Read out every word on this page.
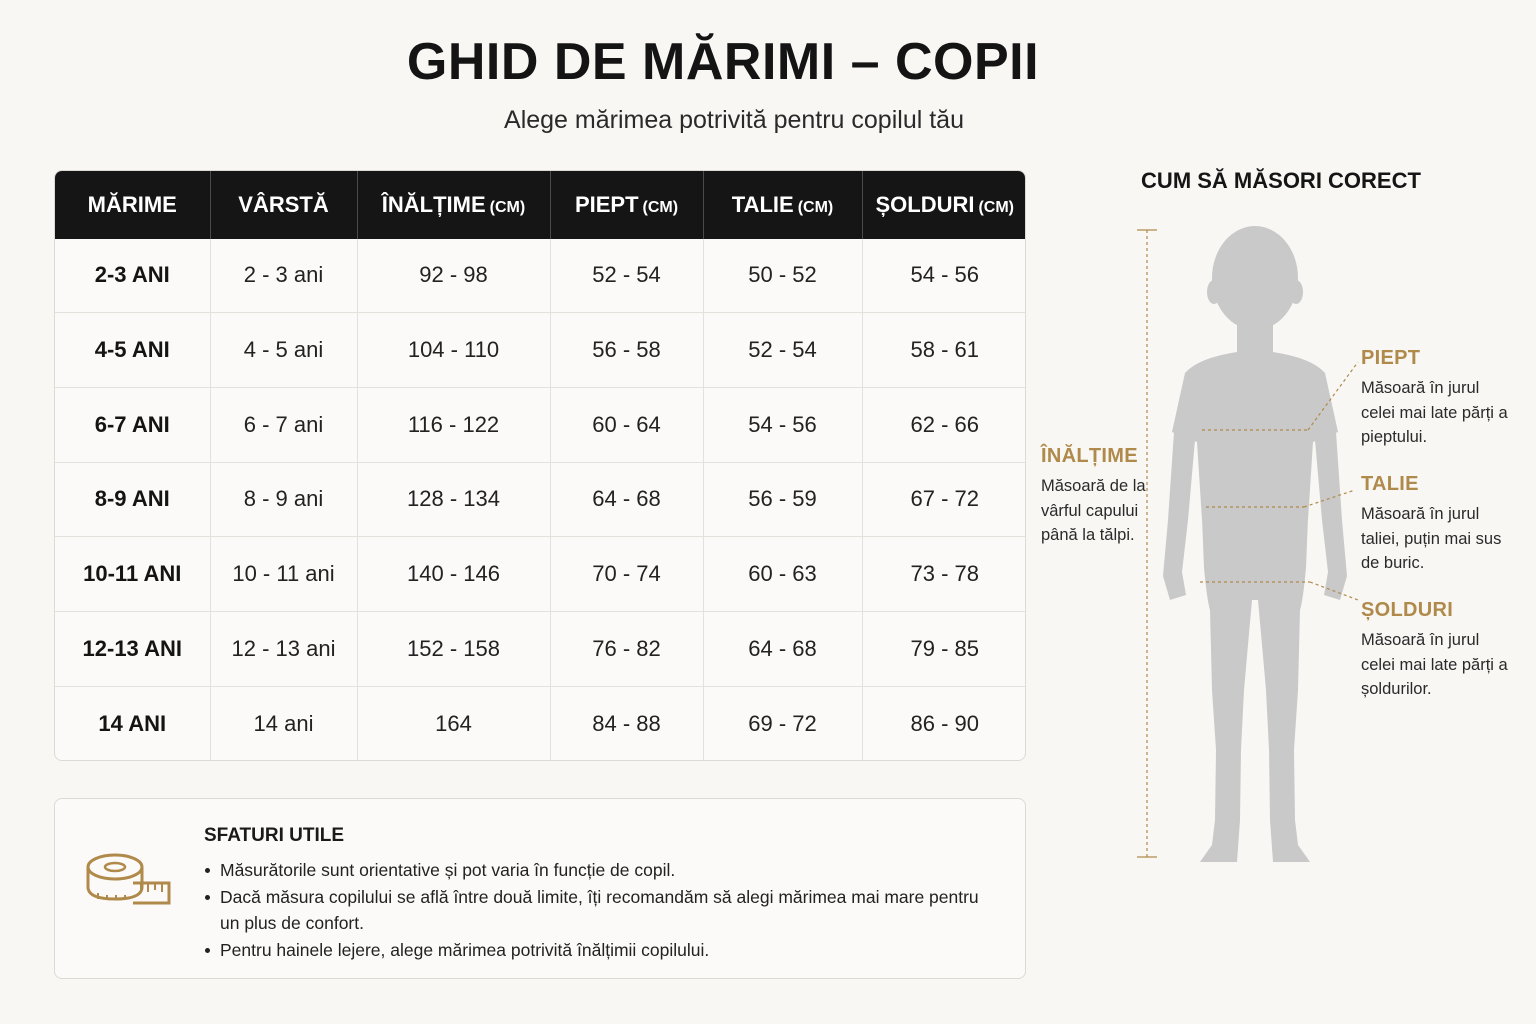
GHID DE MĂRIMI – COPII
Alege mărimea potrivită pentru copilul tău
MĂRIME	VÂRSTĂ	ÎNĂLȚIME (CM)	PIEPT (CM)	TALIE (CM)	ȘOLDURI (CM)
2-3 ANI	2 - 3 ani	92 - 98	52 - 54	50 - 52	54 - 56
4-5 ANI	4 - 5 ani	104 - 110	56 - 58	52 - 54	58 - 61
6-7 ANI	6 - 7 ani	116 - 122	60 - 64	54 - 56	62 - 66
8-9 ANI	8 - 9 ani	128 - 134	64 - 68	56 - 59	67 - 72
10-11 ANI	10 - 11 ani	140 - 146	70 - 74	60 - 63	73 - 78
12-13 ANI	12 - 13 ani	152 - 158	76 - 82	64 - 68	79 - 85
14 ANI	14 ani	164	84 - 88	69 - 72	86 - 90
SFATURI UTILE
Măsurătorile sunt orientative și pot varia în funcție de copil.
Dacă măsura copilului se află între două limite, îți recomandăm să alegi mărimea mai mare pentru un plus de confort.
Pentru hainele lejere, alege mărimea potrivită înălțimii copilului.
CUM SĂ MĂSORI CORECT
ÎNĂLȚIME
Măsoară de la vârful capului până la tălpi.
PIEPT
Măsoară în jurul celei mai late părți a pieptului.
TALIE
Măsoară în jurul taliei, puțin mai sus de buric.
ȘOLDURI
Măsoară în jurul celei mai late părți a șoldurilor.
